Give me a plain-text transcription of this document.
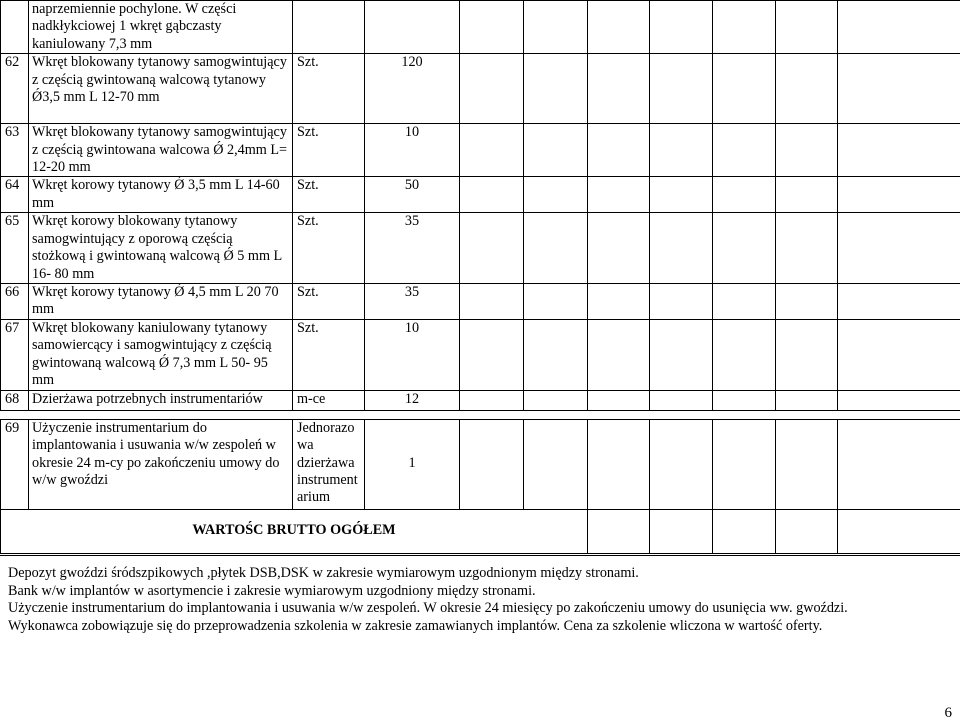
	naprzemiennie pochylone. W części nadkłykciowej 1 wkręt gąbczasty kaniulowany 7,3 mm									
62	Wkręt blokowany tytanowy samogwintujący z częścią gwintowaną walcową tytanowy Ǿ3,5 mm L 12-70 mm	Szt.	120							
63	Wkręt blokowany tytanowy samogwintujący z częścią gwintowana walcowa Ǿ 2,4mm L= 12-20 mm	Szt.	10							
64	Wkręt korowy tytanowy Ǿ 3,5 mm L 14-60 mm	Szt.	50							
65	Wkręt korowy blokowany tytanowy samogwintujący z oporową częścią stożkową i gwintowaną walcową Ǿ 5 mm L 16- 80 mm	Szt.	35							
66	Wkręt korowy tytanowy Ǿ 4,5 mm L 20 70 mm	Szt.	35							
67	Wkręt blokowany kaniulowany tytanowy samowiercący i samogwintujący z częścią gwintowaną walcową Ǿ 7,3 mm L 50- 95 mm	Szt.	10							
68	Dzierżawa potrzebnych instrumentariów	m-ce	12							

69	Użyczenie instrumentarium do implantowania i usuwania w/w zespoleń w okresie 24 m-cy po zakończeniu umowy do w/w gwoździ	Jednorazo wa dzierżawa instrument arium	1							
WARTOŚC BRUTTO OGÓŁEM										
Depozyt gwoździ śródszpikowych ,płytek DSB,DSK w zakresie wymiarowym uzgodnionym między stronami.
Bank w/w implantów w asortymencie i zakresie wymiarowym uzgodniony między stronami.
Użyczenie instrumentarium do implantowania i usuwania w/w zespoleń. W okresie 24 miesięcy po zakończeniu umowy do usunięcia ww. gwoździ.
Wykonawca zobowiązuje się do przeprowadzenia szkolenia w zakresie zamawianych implantów. Cena za szkolenie wliczona w wartość oferty.
6
